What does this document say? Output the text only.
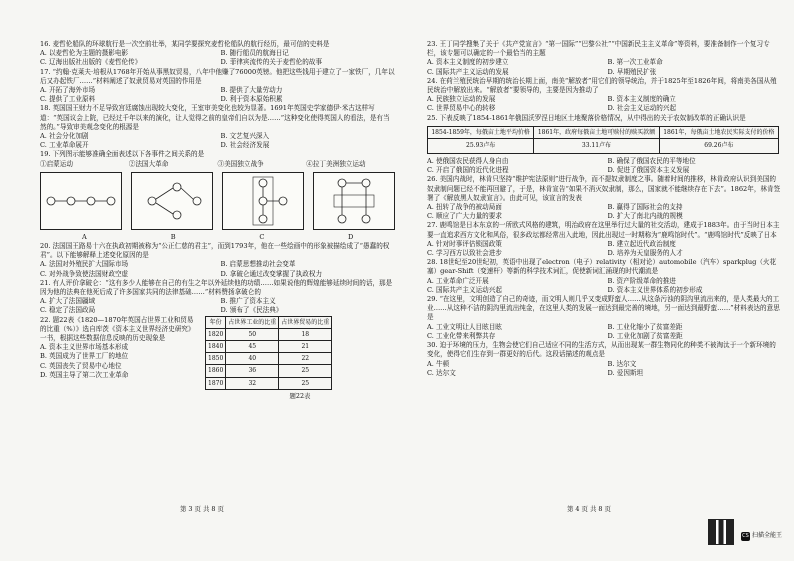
16. 麦哲伦船队的环球航行是一次空前壮举，某同学要探究麦哲伦船队的航行经历，最可信的史料是

A. 以麦哲伦为主题的摄影电影	B. 随行船员的航海日记
C. 辽海出版社出版的《麦哲伦传》	D. 菲律宾流传的关于麦哲伦的故事

17. “约翰·克莱夫·培根从1768年开始从事黑奴贸易，八年中他赚了76000英镑。他把这些钱用于建立了一家铁厂，几年以后又办起铁厂……”材料阐述了奴隶贸易对英国的作用是

A. 开拓了海外市场	B. 提供了大量劳动力
C. 提供了工业原料	D. 利于资本原始积累

18. 英国国王财力不足导致宫廷腐蚀出现较大变化，王室审美变化也较为显著。1691年英国史学家德伊·米古这样写道：“英国议会上院，已经过千年以来的演化，让人觉得之前的皇帝们自以为是……”这种变化使得英国人的看法，是有当然的。”导致审美观念变化的根源是

A. 社会分化加剧	B. 文艺复兴深入
C. 工业革命展开	D. 社会经济发展

19. 下列图示能够准确全面表述以下各事件之间关系的是

①启蒙运动	②法国大革命	③美国独立战争	④拉丁美洲独立运动
A	B	C	D

20. 法国国王路易十六在执政初期被称为“公正仁慈的君主”，而到1793年，他在一些绘画中的形象被描绘成了“愚蠢的权君”。以下能够解释上述变化原因的是

A. 法国对外殖民扩大国际市场	B. 启蒙思想推动社会变革
C. 对外战争致使法国财政空虚	D. 拿破仑通过改变掌握了执政权力

21. 有人评价拿破仑：“这有多少人能够在自己的有生之年以外延续他的功绩……如果说他的辉煌能够延续时间的话，那是因为他的法典在他死后成了许多国家共同的法律基础……”材料赞扬拿破仑的

A. 扩大了法国疆域	B. 推广了资本主义
C. 稳定了法国政局	D. 颁布了《民法典》
年份	占世界工业的比重	占世界贸易的比重
1820	50	18
1840	45	21
1850	40	22
1860	36	25
1870	32	25
题22表

22. 题22表《1820—1870年英国占世界工业和贸易的比重（%）》选自库茨《资本主义世界经济史研究》一书，根据这些数据信息反映的历史现象是

A. 资本主义世界市场基本形成

B. 英国成为了世界工厂的地位

C. 英国丧失了贸易中心地位

D. 英国主导了第二次工业革命

第 3 页 共 8 页

23. 王丁同学搜集了关于《共产党宣言》“第一国际”“巴黎公社”“中国新民主主义革命”等资料，要准备制作一个复习专栏，该专题可以确定的一个最恰当的主题

A. 资本主义制度的初步建立	B. 第一次工业革命
C. 国际共产主义运动的发展	D. 早期殖民扩张

24. 在荷兰殖民统治早期的统治长期上面，南美“解放者”用它们的领导统治，并于1825年至1826年间，将南美各国从殖民统治中解放出来。“解放者”要领导的，主要是因为推动了

A. 民族独立运动的发展	B. 资本主义制度的确立
C. 世界贸易中心的转移	D. 社会主义运动的兴起

25. 下表反映了1854-1861年俄国沃罗涅日地区土地聚落价格情况，从中得出的关于农奴制改革的正确认识是

1854-1859年，每俄亩土地平均价格	1861年，政府每俄亩土地可赎付的赎买款额	1861年，每俄亩土地农民实际支付的价格
25.93卢布	33.11卢布	69.26卢布
A. 使俄国农民获得人身自由	B. 确保了俄国农民的平等地位
C. 开启了俄国的近代化进程	D. 促进了俄国资本主义发展

26. 美国内战时，林肯只坚持“维护宪法原则”进行战争，而不提奴隶制度之事。随着时间的推移，林肯政府认识到美国的奴隶制问题已经不能再回避了，于是，林肯宣告“如果不消灭奴隶制，那么，国家就不能继续存在下去”。1862年，林肯签署了《解放黑人奴隶宣言》。由此可见，该宣言的发表

A. 扭转了战争的被动局面	B. 赢得了国际社会的支持
C. 顺应了广大力量的要求	D. 扩大了南北内战的规模

27. 鹿鸣馆是日本东京的一所欧式风格的建筑，明治政府在这里举行过大量的社交活动，建成于1883年。由于当时日本主要一直追求西方文化和风俗，很多政坛都经常出入此地，因此出现过一时期称为“鹿鸣馆时代”。“鹿鸣馆时代”反映了日本

A. 针对时事评估锁国政策	B. 建立起近代政治制度
C. 学习西方以致社会进步	D. 培养为天皇服务的人才

28. 18世纪至20世纪初，英语中出现了electron（电子）relativity（相对论）automobile（汽车）sparkplug（火花塞）gear-Shift（变速杆）等新的科学技术词汇，促使新词汇涌现的时代潮流是

A. 工业革命广泛开展	B. 资产阶级革命的推进
C. 国际共产主义运动兴起	D. 资本主义世界体系的初步形成

29. “在这里，文明创造了自己的奇迹，而文明人则几乎又变成野蛮人……从这条污浊的阴沟里流出来的，是人类最大的工业……从这种不洁的阴沟里流出纯金，在这里人类的发展一面达到最完善的境地，另一面达到最野蛮……”材料表达的意思是

A. 工业文明让人目眩目眩	B. 工业化缩小了贫富差距
C. 工业化带来利弊共存	D. 工业化加剧了贫富差距

30. 迫于环境的压力，生物会使它们自己适应不同的生活方式，从而出现某一群生物同化的种类不被淘汰于一个新环境的变化，使得它们生存到一群更好的后代。这段话描述的观点是

A. 牛顿	B. 达尔文
C. 达尔文	D. 爱因斯坦
第 4 页 共 8 页
CS 扫描全能王
